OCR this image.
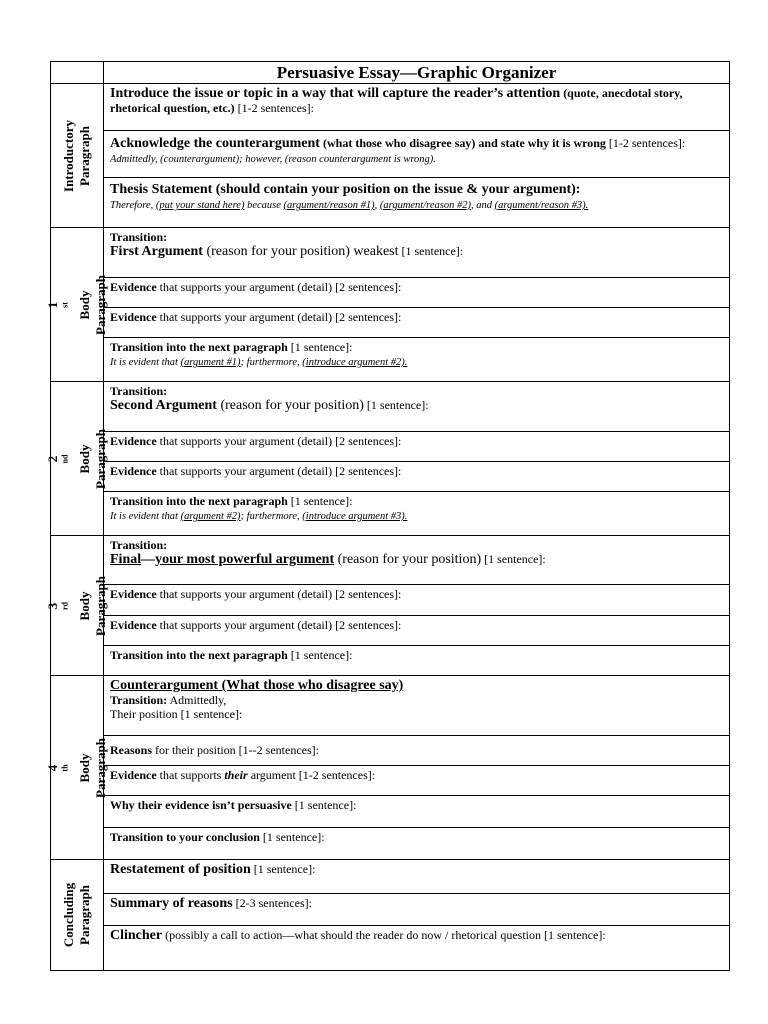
Persuasive Essay—Graphic Organizer
Introductory Paragraph
Introduce the issue or topic in a way that will capture the reader’s attention (quote, anecdotal story, rhetorical question, etc.) [1-2 sentences]:
Acknowledge the counterargument (what those who disagree say) and state why it is wrong [1-2 sentences]:
Admittedly, (counterargument); however, (reason counterargument is wrong).
Thesis Statement (should contain your position on the issue & your argument):
Therefore, (put your stand here) because (argument/reason #1), (argument/reason #2), and (argument/reason #3).
1 $^{st}$ Body Paragraph
Transition:
First Argument (reason for your position) weakest [1 sentence]:
Evidence that supports your argument (detail) [2 sentences]:
Evidence that supports your argument (detail) [2 sentences]:
Transition into the next paragraph [1 sentence]:
It is evident that (argument #1); furthermore, (introduce argument #2).
2 $^{nd}$ Body Paragraph
Transition:
Second Argument (reason for your position) [1 sentence]:
Evidence that supports your argument (detail) [2 sentences]:
Evidence that supports your argument (detail) [2 sentences]:
Transition into the next paragraph [1 sentence]:
It is evident that (argument #2); furthermore, (introduce argument #3).
3 $^{rd}$ Body Paragraph
Transition:
Final—your most powerful argument (reason for your position) [1 sentence]:
Evidence that supports your argument (detail) [2 sentences]:
Evidence that supports your argument (detail) [2 sentences]:
Transition into the next paragraph [1 sentence]:
4 $^{th}$ Body Paragraph
Counterargument (What those who disagree say)
Transition: Admittedly,
Their position [1 sentence]:
Reasons for their position [1--2 sentences]:
Evidence that supports their argument [1-2 sentences]:
Why their evidence isn’t persuasive [1 sentence]:
Transition to your conclusion [1 sentence]:
Concluding Paragraph
Restatement of position [1 sentence]:
Summary of reasons [2-3 sentences]:
Clincher (possibly a call to action—what should the reader do now / rhetorical question [1 sentence]:
